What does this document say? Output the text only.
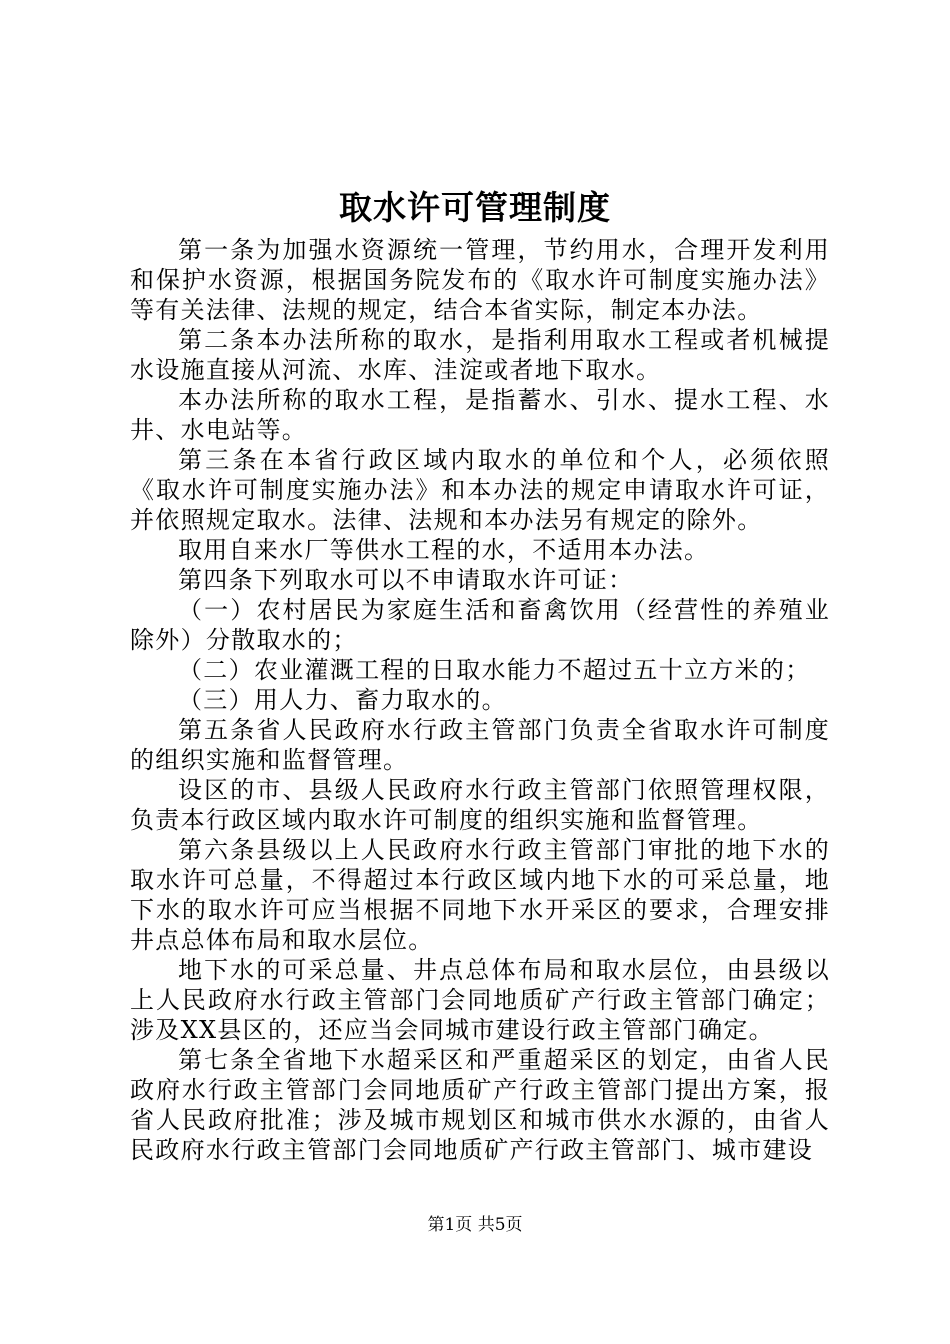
取水许可管理制度

第一条为加强水资源统一管理，节约用水，合理开发利用和保护水资源，根据国务院发布的《取水许可制度实施办法》等有关法律、法规的规定，结合本省实际，制定本办法。

第二条本办法所称的取水，是指利用取水工程或者机械提水设施直接从河流、水库、洼淀或者地下取水。

本办法所称的取水工程，是指蓄水、引水、提水工程、水井、水电站等。

第三条在本省行政区域内取水的单位和个人，必须依照《取水许可制度实施办法》和本办法的规定申请取水许可证，并依照规定取水。法律、法规和本办法另有规定的除外。

取用自来水厂等供水工程的水，不适用本办法。

第四条下列取水可以不申请取水许可证：

（一）农村居民为家庭生活和畜禽饮用（经营性的养殖业除外）分散取水的；

（二）农业灌溉工程的日取水能力不超过五十立方米的；

（三）用人力、畜力取水的。

第五条省人民政府水行政主管部门负责全省取水许可制度的组织实施和监督管理。

设区的市、县级人民政府水行政主管部门依照管理权限，负责本行政区域内取水许可制度的组织实施和监督管理。

第六条县级以上人民政府水行政主管部门审批的地下水的取水许可总量，不得超过本行政区域内地下水的可采总量，地下水的取水许可应当根据不同地下水开采区的要求，合理安排井点总体布局和取水层位。

地下水的可采总量、井点总体布局和取水层位，由县级以上人民政府水行政主管部门会同地质矿产行政主管部门确定；涉及XX县区的，还应当会同城市建设行政主管部门确定。

第七条全省地下水超采区和严重超采区的划定，由省人民政府水行政主管部门会同地质矿产行政主管部门提出方案，报省人民政府批准；涉及城市规划区和城市供水水源的，由省人民政府水行政主管部门会同地质矿产行政主管部门、城市建设

第1页 共5页
